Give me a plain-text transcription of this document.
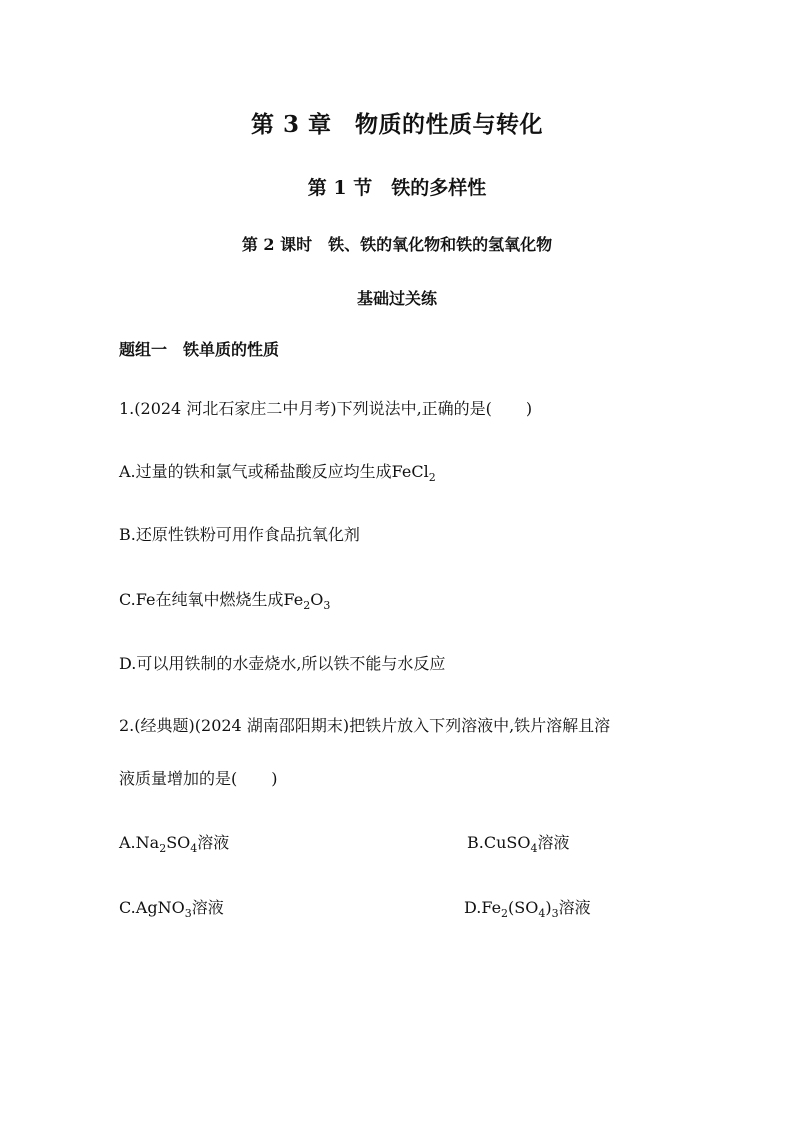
第 3 章　物质的性质与转化
第 1 节　铁的多样性
第 2 课时　铁、铁的氧化物和铁的氢氧化物
基础过关练
题组一　铁单质的性质
1.(2024 河北石家庄二中月考)下列说法中,正确的是( )
A.过量的铁和氯气或稀盐酸反应均生成FeCl$_2$
B.还原性铁粉可用作食品抗氧化剂
C.Fe在纯氧中燃烧生成$Fe_2O_3$
D.可以用铁制的水壶烧水,所以铁不能与水反应
2.(经典题)(2024 湖南邵阳期末)把铁片放入下列溶液中,铁片溶解且溶
液质量增加的是( )
$A.Na_2SO_4$溶液	B.CuSO$_4$溶液
C.AgNO$_3$溶液	$D.Fe_2(SO_4)_3$溶液
